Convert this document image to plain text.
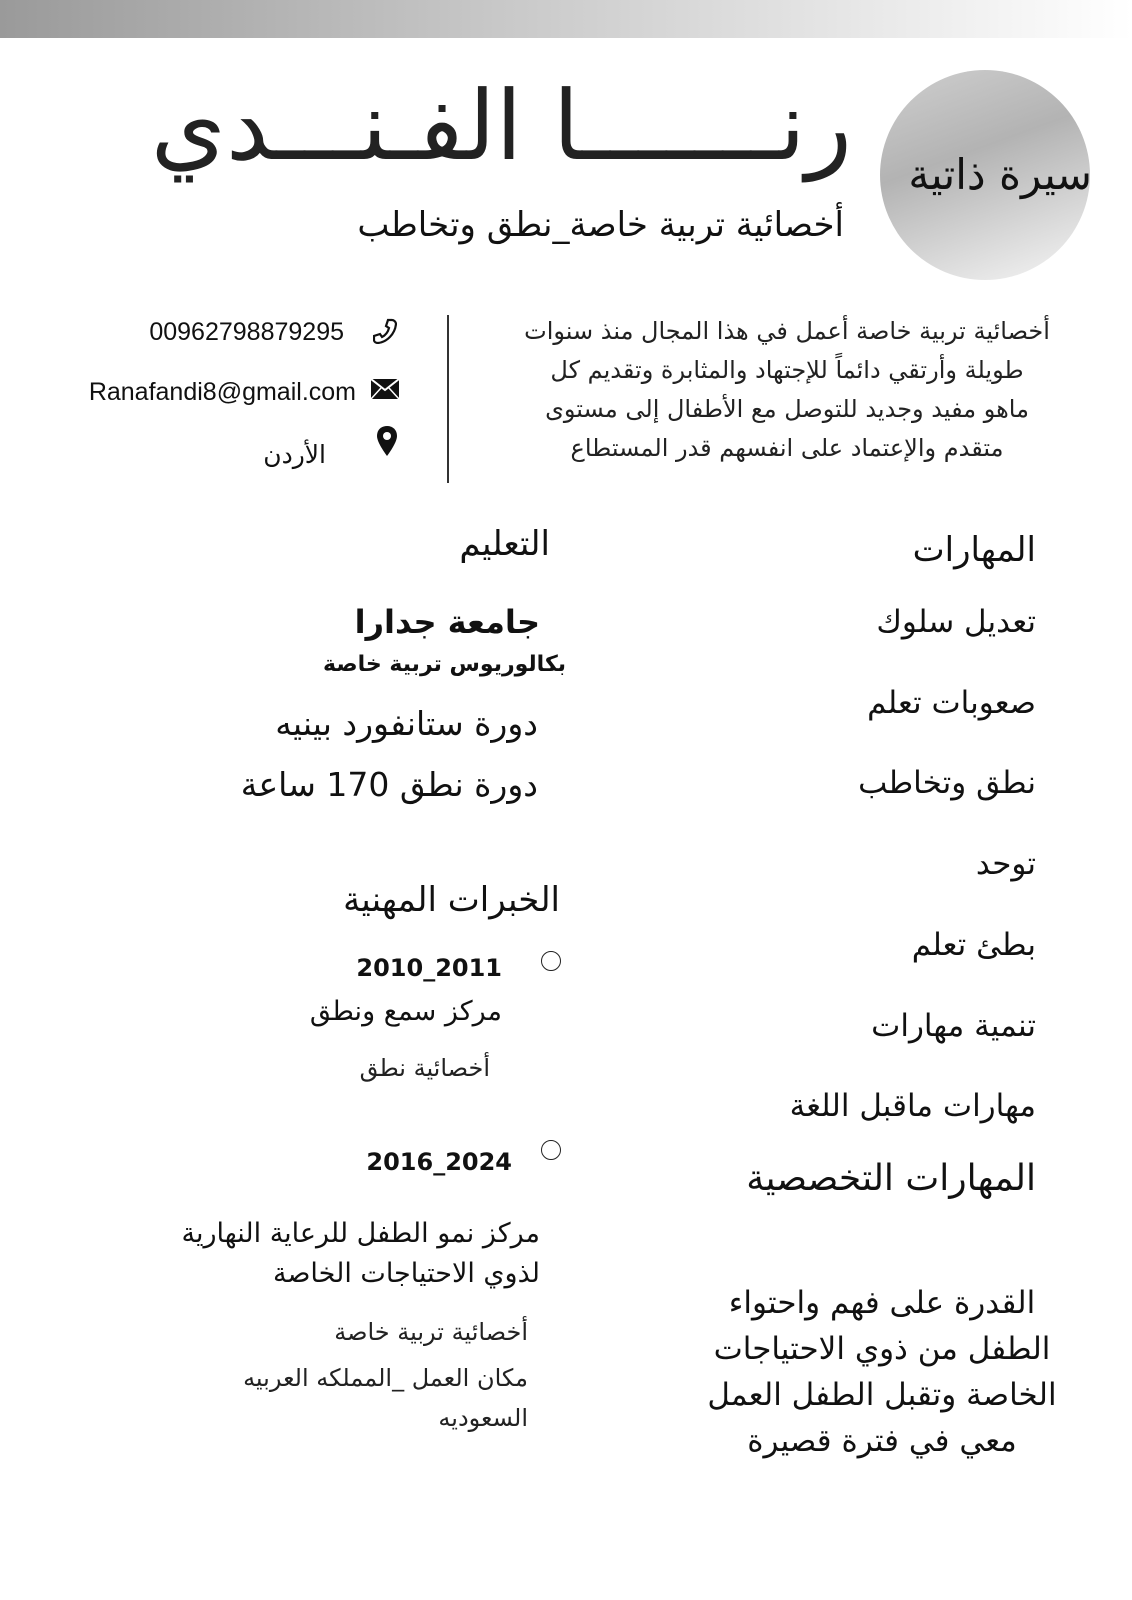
سيرة ذاتية
رنـــــــا الفـنـــدي
أخصائية تربية خاصة_نطق وتخاطب
أخصائية تربية خاصة أعمل في هذا المجال منذ سنوات
طويلة وأرتقي دائماً للإجتهاد والمثابرة وتقديم كل
ماهو مفيد وجديد للتوصل مع الأطفال إلى مستوى
متقدم والإعتماد على انفسهم قدر المستطاع
00962798879295
Ranafandi8@gmail.com
الأردن
المهارات
تعديل سلوك
صعوبات تعلم
نطق وتخاطب
توحد
بطئ تعلم
تنمية مهارات
مهارات ماقبل اللغة
المهارات التخصصية
القدرة على فهم واحتواء
الطفل من ذوي الاحتياجات
الخاصة وتقبل الطفل العمل
معي في فترة قصيرة
التعليم
جامعة جدارا
بكالوريوس تربية خاصة
دورة ستانفورد بينيه
دورة نطق 170 ساعة
الخبرات المهنية
2010_2011
مركز سمع ونطق
أخصائية نطق
2016_2024
مركز نمو الطفل للرعاية النهارية
لذوي الاحتياجات الخاصة
أخصائية تربية خاصة
مكان العمل _المملكه العربيه
السعوديه
